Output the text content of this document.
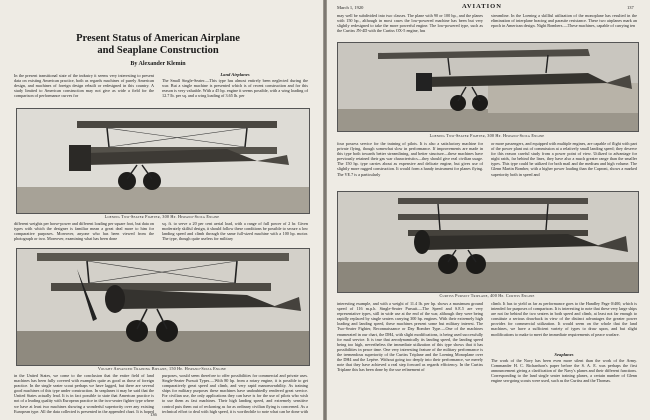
Present Status of American Airplane
and Seaplane Construction
By Alexander Klemin
In the present transitional state of the industry it seems very interesting to present data on existing American practice, both as regards machines of purely American design, and machines of foreign design rebuilt or redesigned in this country. A study limited to American construction may not give as wide a field for the comparison of performance curves for
Land Airplanes
The Small Single-Seater.—This type has almost entirely been neglected during the war. But a single machine is presented which is of recent construction and for this reason is very valuable. With a 45 hp. engine it seems possible, with a wing loading of 12.7 lb. per sq. and a wing loading of 3.65 lb. per
Loening Two-Seater Fighter, 300 Hp. Hispano-Suiza Engine
different weights per horse-power and different loading per square foot, but data on types with which the designer is familiar mean a great deal more to him for comparative purposes. Moreover, anyone who has been viewed from the photograph or two. Moreover, examining what has been done
sq. ft. to serve a 20 per cent aerial load, with a range of full power of 2 hr. Given moderately skilful design, it should follow these conditions be possible to secure a low landing speed and climb through the same full-sized machine with a 100 hp. motor. The type, though quite useless for military
Vought Advanced Training Biplane, 150 Hp. Hispano-Suiza Engine
in the United States, we come to the conclusion that the entire field of land machines has been fully covered with examples quite as good as those of foreign practice. In the single seater scout perhaps we have lagged, but there are several good machines of this type under construction. In seaplanes it may be said that the United States actually lead. It is in fact possible to state that American practice is not of a leading quality with European practice in the two-seater fighter type where we have at least two machines showing a wonderful superiority over any existing European type. All the data collected is presented in the appended chart. It is hoped
purposes, would seem therefore to offer possibilities for commercial and private uses. Single-Seater Pursuit Types.—With 80 hp. from a rotary engine, it is possible to get comparatively great speed and climb, and very rapid manoeuvrability. As training ships for military purposes these machines have undoubtedly rendered great service. For civilian use, the only applications they can have is for the use of pilots who wish to use them as fast machines. Their high landing speed, and extremely sensitive control puts them out of reckoning as far as ordinary civilian flying is concerned. As a technical effort to deal with high speed, it is worthwhile to note what can be done with
136
March 1, 1920	AVIATION	137
may well be subdivided into two classes. The plane with 90 or 100 hp., and the planes with 150 hp., although in most cases the low-powered machine has been but very slightly redesigned to take the more powerful engine. The low-powered type, such as the Curtiss JN-4D with the Curtiss OX-5 engine, has
streamline. In the Loening a skillful utilization of the monoplane has resulted in the elimination of interplane bracing and parasite resistance. These two airplanes mark an epoch in American design. Night Bombers.—These machines, capable of carrying ten
Loening Two-Seater Fighter, 300 Hp. Hispano-Suiza Engine
four possess service for the training of pilots. It is also a satisfactory machine for private flying, though somewhat slow in performance. If improvements are made in this type both towards better streamlining, and better structure—these machines have previously retained their gas war characteristics—they should give real civilian usage. The 150 hp. type carries about as expensive and delicate engine, but gives use of slightly more rugged construction. It would form a handy instrument for planes flying. The VE.7 is a particularly
or more passengers, and equipped with multiple engines, are capable of flight with part of the power plant out of commission at a relatively small landing speed; they deserve for this reason careful study from a power point of view. Utilized to advantage for night raids, far behind the lines, they have also a much greater range than the smaller types. This type could be utilized for both mail and the medium and high volume. The Glenn Martin Bomber, with a higher power loading than the Caproni, shows a marked superiority both in speed and
Curtiss Pursuit Triplane, 400 Hp. Curtiss Engine
interesting example, and with a weight of 11.4 lb. per hp. shows a maximum ground speed of 116 m.p.h. Single-Seater Pursuit.—The Speed and S.E.5 are very representative types, still in wide use at the end of the war, although they were being rapidly replaced by single seaters carrying 300 hp. engines. With their extremely high loading and landing speed, these machines present some but military interest. The Two-Seater Fighter, Reconnaissance or Day Bomber Type.—One of the machines enumerated in our chart, the DH4, with slight modifications, is being used successfully for mail service. It is true that aerodynamically its landing speed, the landing speed being too high, nevertheless the immediate utilization of this type shows that it has possibilities in peace time. One very interesting feature of the military performance is the tremendous superiority of the Curtiss Triplane and the Loening Monoplane over the DH4 and the Lepère. Without going too deeply into their performance, we merely note that they have achieved a real step forward as regards efficiency. In the Curtiss Triplane this has been done by the use refinement of
climb. It has to yield as far as performance goes to the Handley Page 0/400, which is intended for purposes of comparison. It is interesting to note that these very large ships are not far behind the two seaters in both speed and climb, at least not far enough to constitute a serious drawback in view of the distinct advantages the greater power provides for commercial utilization. It would seem on the whole that the land machines, we have a sufficient variety of types to draw upon, and but slight modifications to make to meet the immediate requirements of peace warfare.
Seaplanes
The work of the Navy has been even more silent than the work of the Army. Commander H. C. Richardson's paper before the S. A. E. was perhaps the first announcement giving a clarification of the Navy's planes and their different functions. Corresponding to the land single seater training planes, a certain number of Glenn engine sea-going scouts were used, such as the Curtiss and the Thomas.
